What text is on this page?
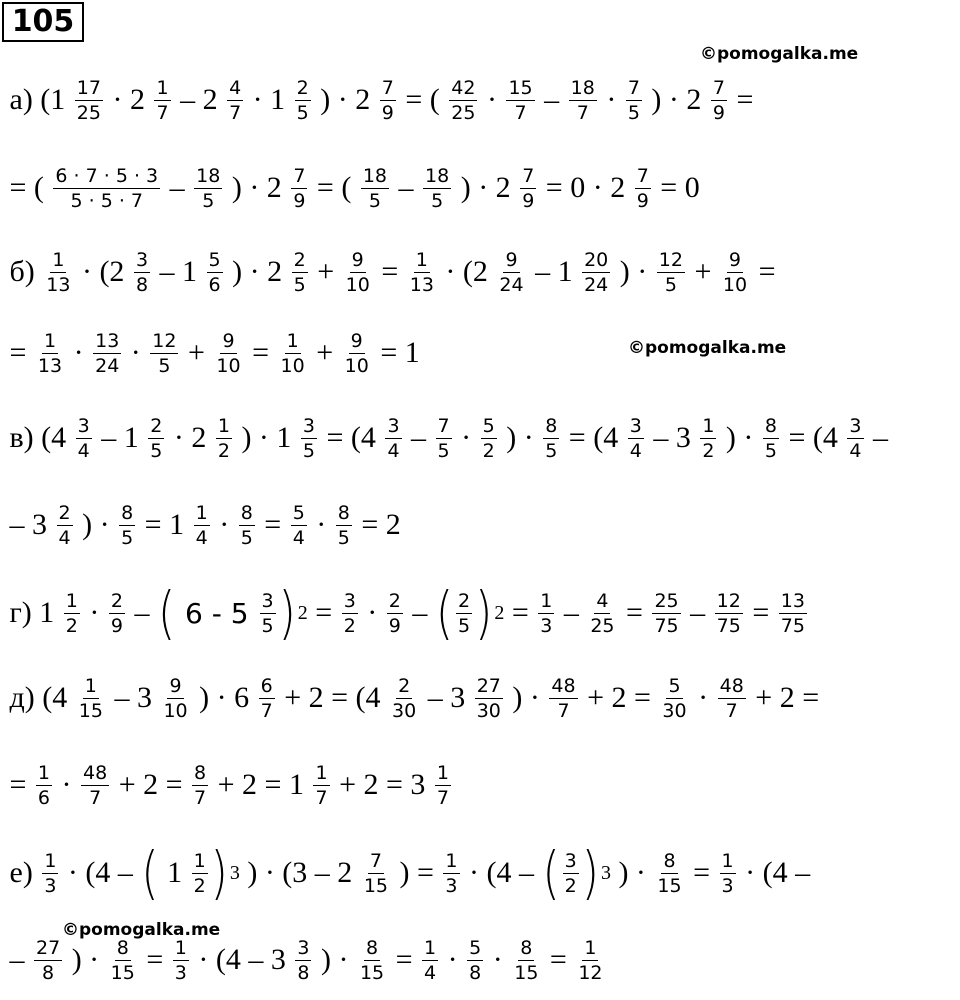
105
©pomogalka.me
©pomogalka.me
©pomogalka.me
а) ($1 \frac{17}{25} \cdot 2 \frac{1}{7} - 2 \frac{4}{7} \cdot 1 \frac{2}{5}$ ) · $2 \frac{7}{9}$ = ( $\frac{42}{25} \cdot \frac{15}{7} - \frac{18}{7} \cdot \frac{7}{5}$ ) · $2 \frac{7}{9}$ =
= ( $\frac{6 \cdot 7 \cdot 5 \cdot 3}{5 \cdot 5 \cdot 7} - \frac{18}{5}$ ) · $2 \frac{7}{9}$ = ( $\frac{18}{5} - \frac{18}{5}$ ) · $2 \frac{7}{9} = 0 \cdot 2 \frac{7}{9} = 0$
$б) \frac{1}{13} \cdot (2 \frac{3}{8} - 1 \frac{5}{6}$ ) · $2 \frac{2}{5} + \frac{9}{10} = \frac{1}{13} \cdot (2 \frac{9}{24} - 1 \frac{20}{24}$ ) · $\frac{12}{5} + \frac{9}{10}$ =
= $\frac{1}{13} \cdot \frac{13}{24} \cdot \frac{12}{5} + \frac{9}{10} = \frac{1}{10} + \frac{9}{10} = 1$
в) ($4 \frac{3}{4} - 1 \frac{2}{5} \cdot 2 \frac{1}{2}$ ) · $1 \frac{3}{5} = (4 \frac{3}{4} - \frac{7}{5} \cdot \frac{5}{2}$ ) · $\frac{8}{5} = (4 \frac{3}{4} - 3 \frac{1}{2}$ ) · $\frac{8}{5} = (4 \frac{3}{4}$ –
– $3 \frac{2}{4}$ ) · $\frac{8}{5} = 1 \frac{1}{4} \cdot \frac{8}{5} = \frac{5}{4} \cdot \frac{8}{5} = 2$
г) $1 \frac{1}{2} \cdot \frac{2}{9}$ – ( $6 - 5 \frac{3}{5}$ ) $2 = \frac{3}{2} \cdot \frac{2}{9}$ – ( $\frac{2}{5}$ ) $2 = \frac{1}{3} - \frac{4}{25} = \frac{25}{75} - \frac{12}{75} = \frac{13}{75}$
д) ($4 \frac{1}{15} - 3 \frac{9}{10}$ ) · $6 \frac{6}{7} + 2 = (4 \frac{2}{30} - 3 \frac{27}{30}$ ) · $\frac{48}{7} + 2 = \frac{5}{30} \cdot \frac{48}{7} + 2$ =
= $\frac{1}{6} \cdot \frac{48}{7} + 2 = \frac{8}{7} + 2 = 1 \frac{1}{7} + 2 = 3 \frac{1}{7}$
$е) \frac{1}{3} \cdot (4$ – ( $1 \frac{1}{2}$ ) 3 ) · ($3 - 2 \frac{7}{15}$ ) = $\frac{1}{3} \cdot (4$ – ( $\frac{3}{2}$ ) 3 ) · $\frac{8}{15} = \frac{1}{3} \cdot (4$ –
– $\frac{27}{8}$ ) · $\frac{8}{15} = \frac{1}{3} \cdot (4 - 3 \frac{3}{8}$ ) · $\frac{8}{15} = \frac{1}{4} \cdot \frac{5}{8} \cdot \frac{8}{15} = \frac{1}{12}$
